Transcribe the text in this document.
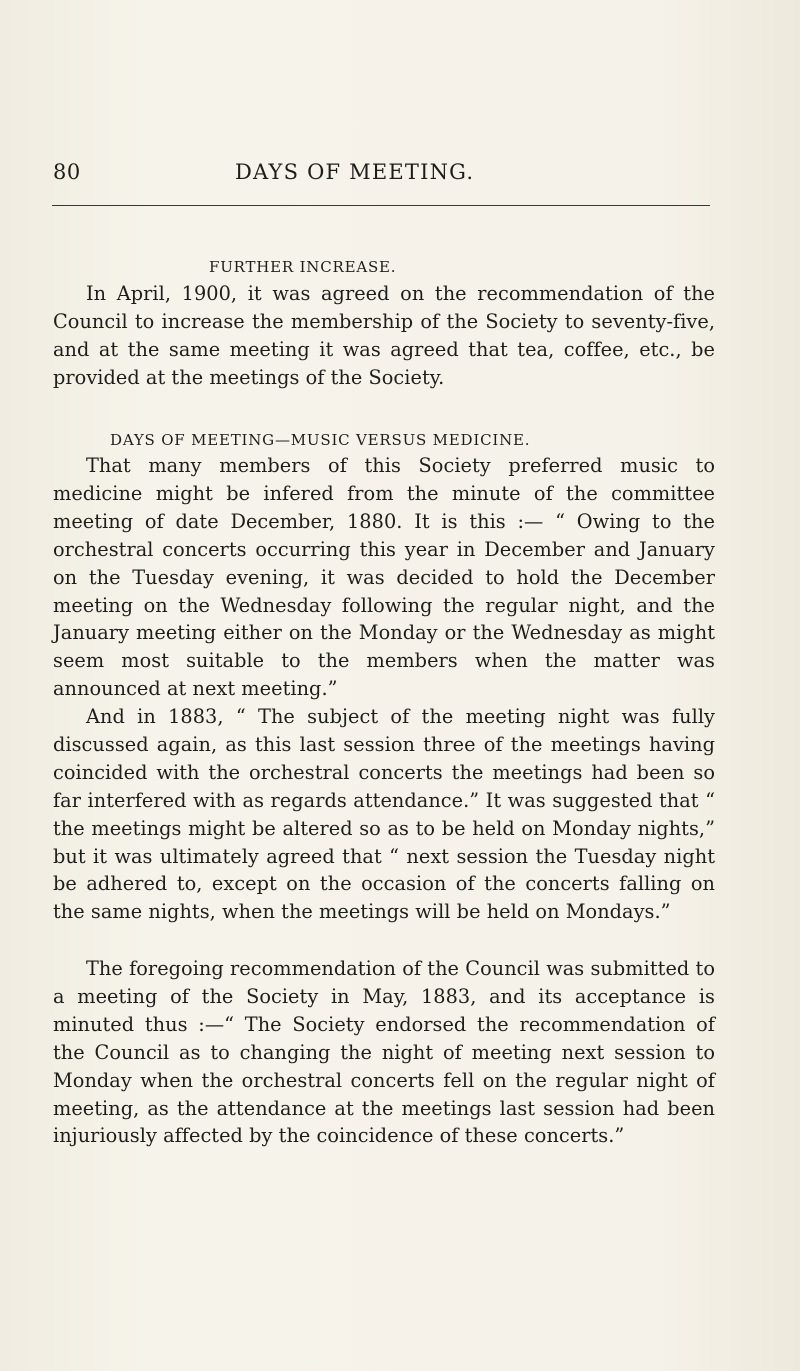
80	DAYS OF MEETING.
FURTHER INCREASE.

In April, 1900, it was agreed on the recommendation of the Council to increase the membership of the Society to seventy-five, and at the same meeting it was agreed that tea, coffee, etc., be provided at the meetings of the Society.

DAYS OF MEETING—MUSIC VERSUS MEDICINE.

That many members of this Society preferred music to medicine might be infered from the minute of the committee meeting of date December, 1880. It is this :— “ Owing to the orchestral concerts occurring this year in December and January on the Tuesday evening, it was decided to hold the December meeting on the Wednesday following the regular night, and the January meeting either on the Monday or the Wednesday as might seem most suitable to the members when the matter was announced at next meeting.”

And in 1883, “ The subject of the meeting night was fully discussed again, as this last session three of the meetings having coincided with the orchestral concerts the meetings had been so far interfered with as regards attendance.” It was suggested that “ the meetings might be altered so as to be held on Monday nights,” but it was ultimately agreed that “ next session the Tuesday night be adhered to, except on the occasion of the concerts falling on the same nights, when the meetings will be held on Mondays.”

The foregoing recommendation of the Council was submitted to a meeting of the Society in May, 1883, and its acceptance is minuted thus :—“ The Society endorsed the recommendation of the Council as to changing the night of meeting next session to Monday when the orchestral concerts fell on the regular night of meeting, as the attendance at the meetings last session had been injuriously affected by the coincidence of these concerts.”
